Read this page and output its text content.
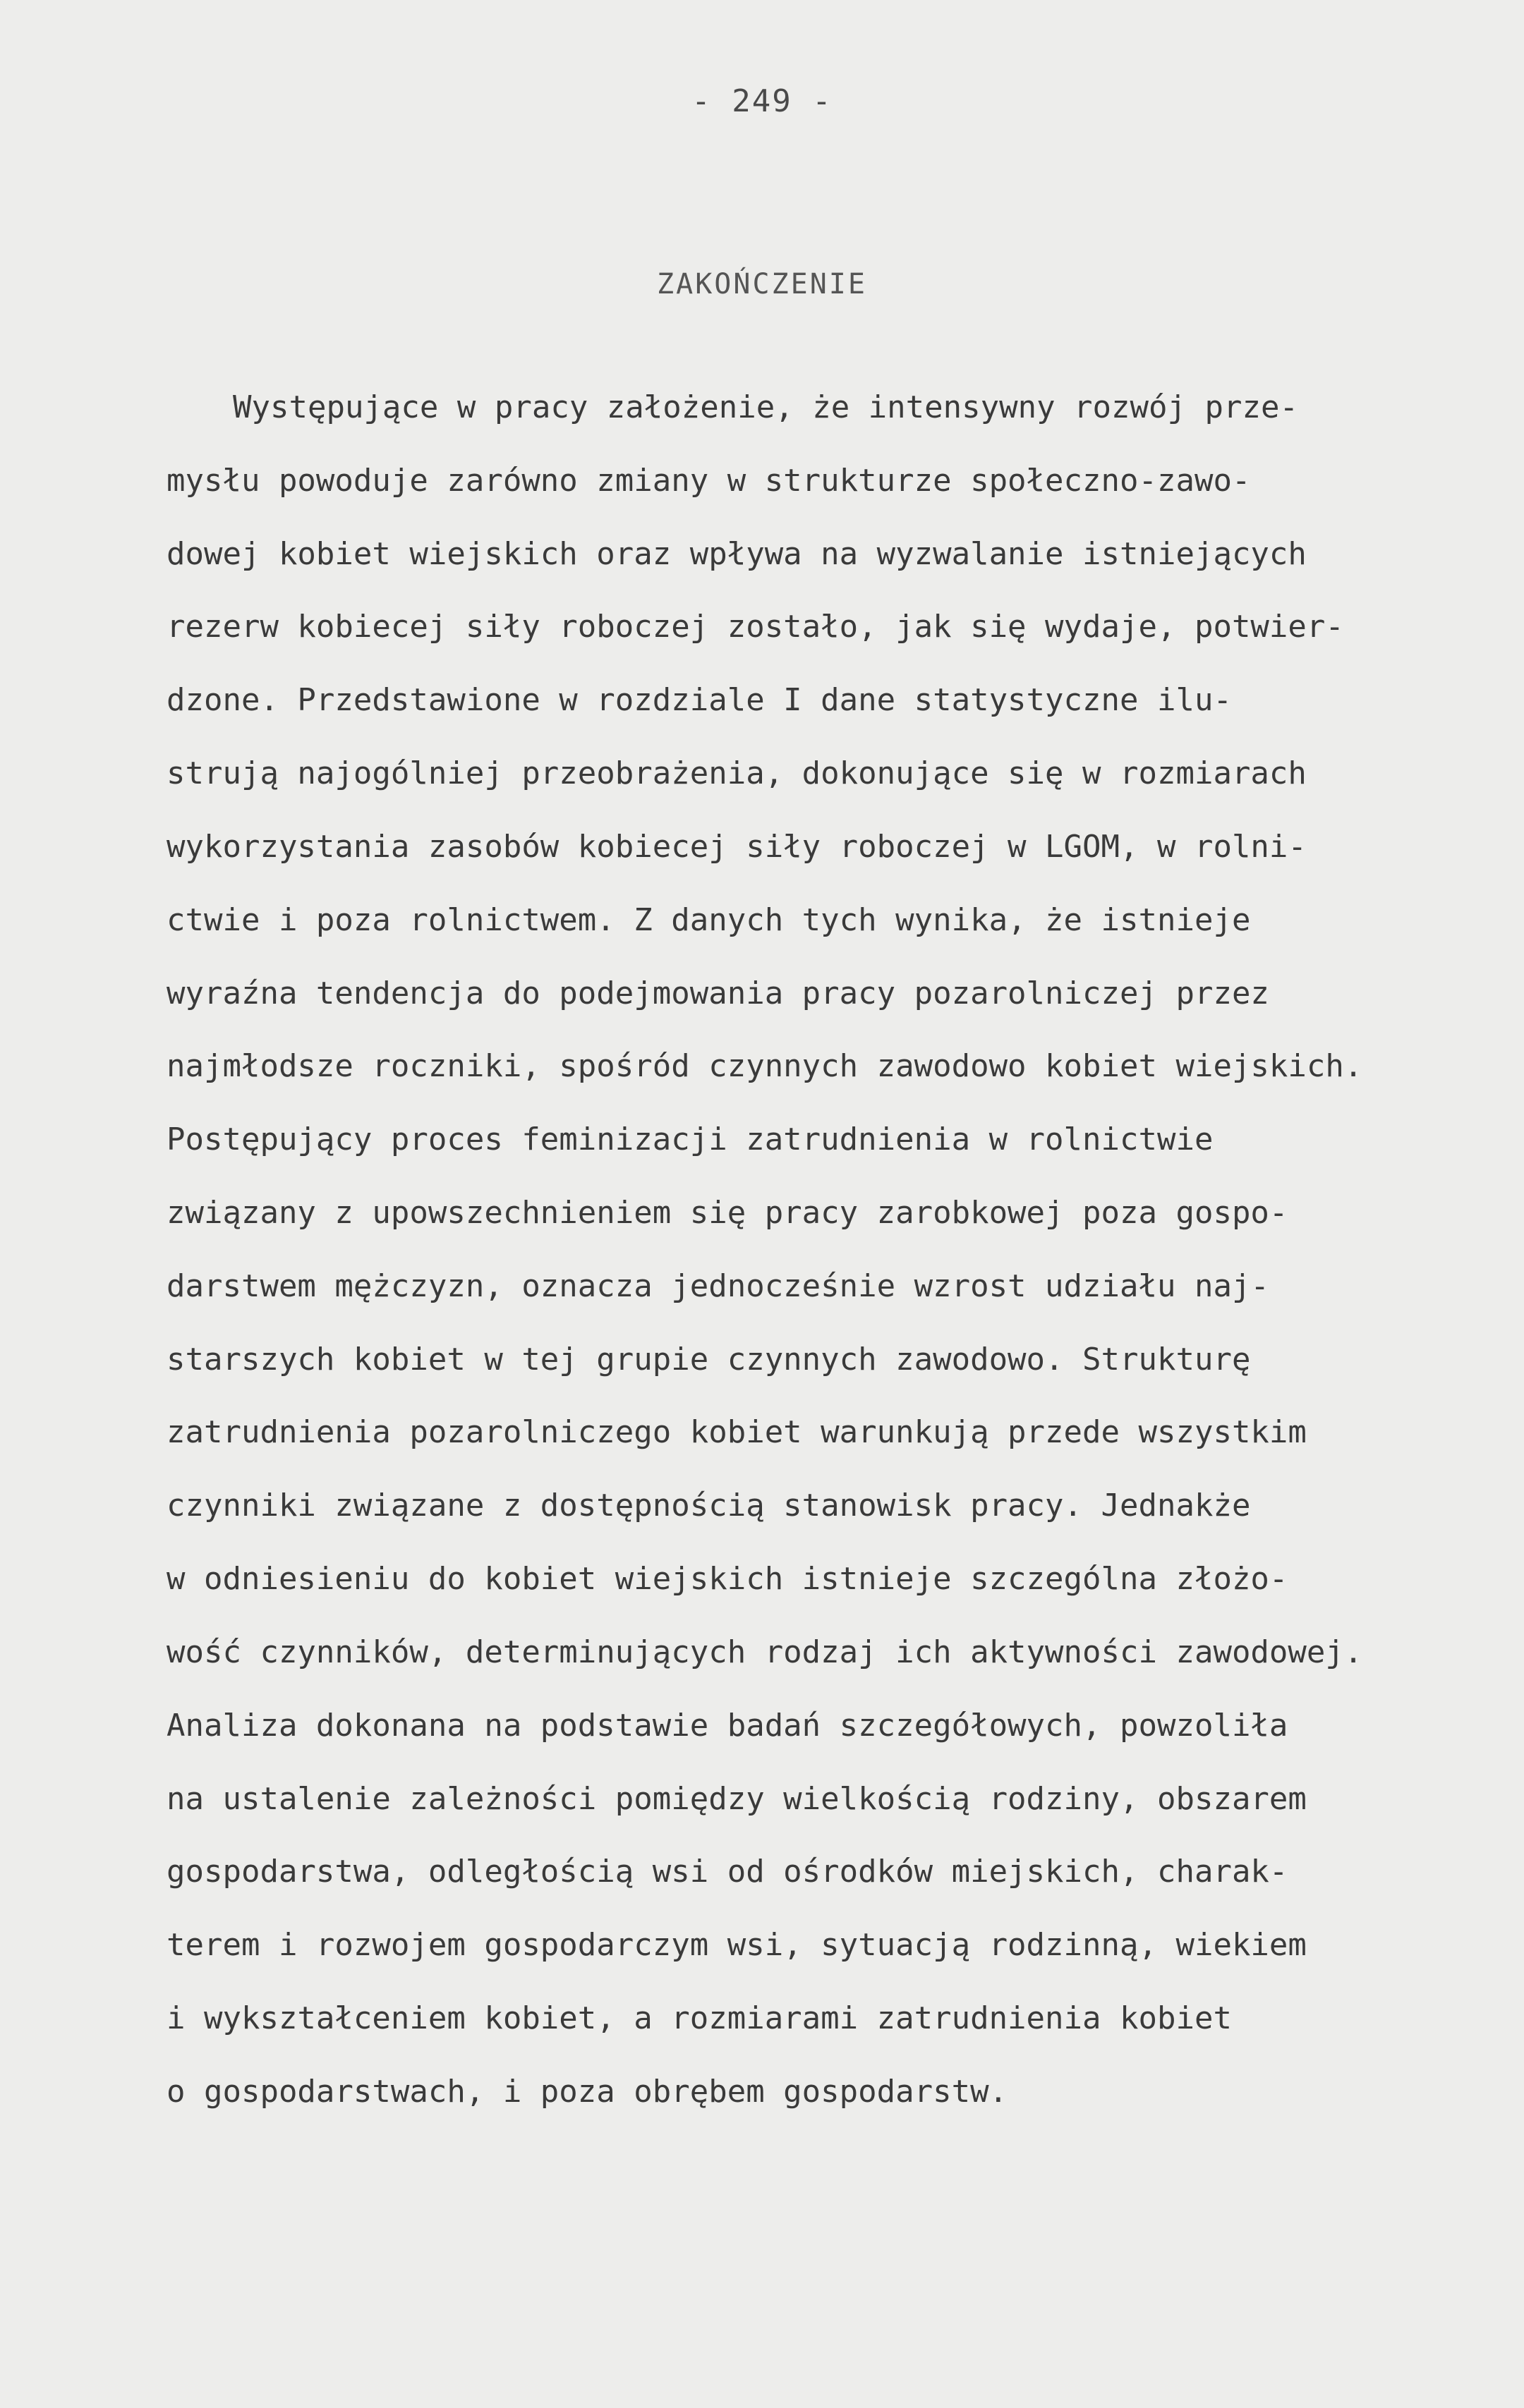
- 249 -
ZAKOŃCZENIE
Występujące w pracy założenie, że intensywny rozwój prze-
mysłu powoduje zarówno zmiany w strukturze społeczno-zawo-
dowej kobiet wiejskich oraz wpływa na wyzwalanie istniejących
rezerw kobiecej siły roboczej zostało, jak się wydaje, potwier-
dzone. Przedstawione w rozdziale I dane statystyczne ilu-
strują najogólniej przeobrażenia, dokonujące się w rozmiarach
wykorzystania zasobów kobiecej siły roboczej w LGOM, w rolni-
ctwie i poza rolnictwem. Z danych tych wynika, że istnieje
wyraźna tendencja do podejmowania pracy pozarolniczej przez
najmłodsze roczniki, spośród czynnych zawodowo kobiet wiejskich.
Postępujący proces feminizacji zatrudnienia w rolnictwie
związany z upowszechnieniem się pracy zarobkowej poza gospo-
darstwem mężczyzn, oznacza jednocześnie wzrost udziału naj-
starszych kobiet w tej grupie czynnych zawodowo. Strukturę
zatrudnienia pozarolniczego kobiet warunkują przede wszystkim
czynniki związane z dostępnością stanowisk pracy. Jednakże
w odniesieniu do kobiet wiejskich istnieje szczególna złożo-
wość czynników, determinujących rodzaj ich aktywności zawodowej.
Analiza dokonana na podstawie badań szczegółowych, powzoliła
na ustalenie zależności pomiędzy wielkością rodziny, obszarem
gospodarstwa, odległością wsi od ośrodków miejskich, charak-
terem i rozwojem gospodarczym wsi, sytuacją rodzinną, wiekiem
i wykształceniem kobiet, a rozmiarami zatrudnienia kobiet
o gospodarstwach, i poza obrębem gospodarstw.
